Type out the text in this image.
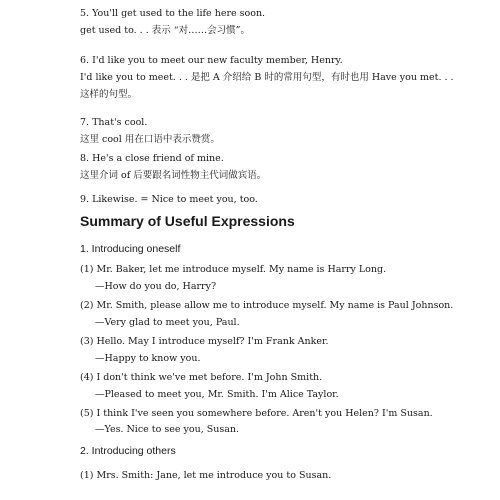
5. You'll get used to the life here soon.
get used to. . . 表示 “对……会习惯”。
6. I'd like you to meet our new faculty member, Henry.
I'd like you to meet. . . 是把 A 介绍给 B 时的常用句型，有时也用 Have you met. . .
这样的句型。
7. That's cool.
这里 cool 用在口语中表示赞赏。
8. He's a close friend of mine.
这里介词 of 后要跟名词性物主代词做宾语。
9. Likewise. = Nice to meet you, too.
Summary of Useful Expressions
1. Introducing oneself
(1) Mr. Baker, let me introduce myself. My name is Harry Long.
—How do you do, Harry?
(2) Mr. Smith, please allow me to introduce myself. My name is Paul Johnson.
—Very glad to meet you, Paul.
(3) Hello. May I introduce myself? I'm Frank Anker.
—Happy to know you.
(4) I don't think we've met before. I'm John Smith.
—Pleased to meet you, Mr. Smith. I'm Alice Taylor.
(5) I think I've seen you somewhere before. Aren't you Helen? I'm Susan.
—Yes. Nice to see you, Susan.
2. Introducing others
(1) Mrs. Smith: Jane, let me introduce you to Susan.
